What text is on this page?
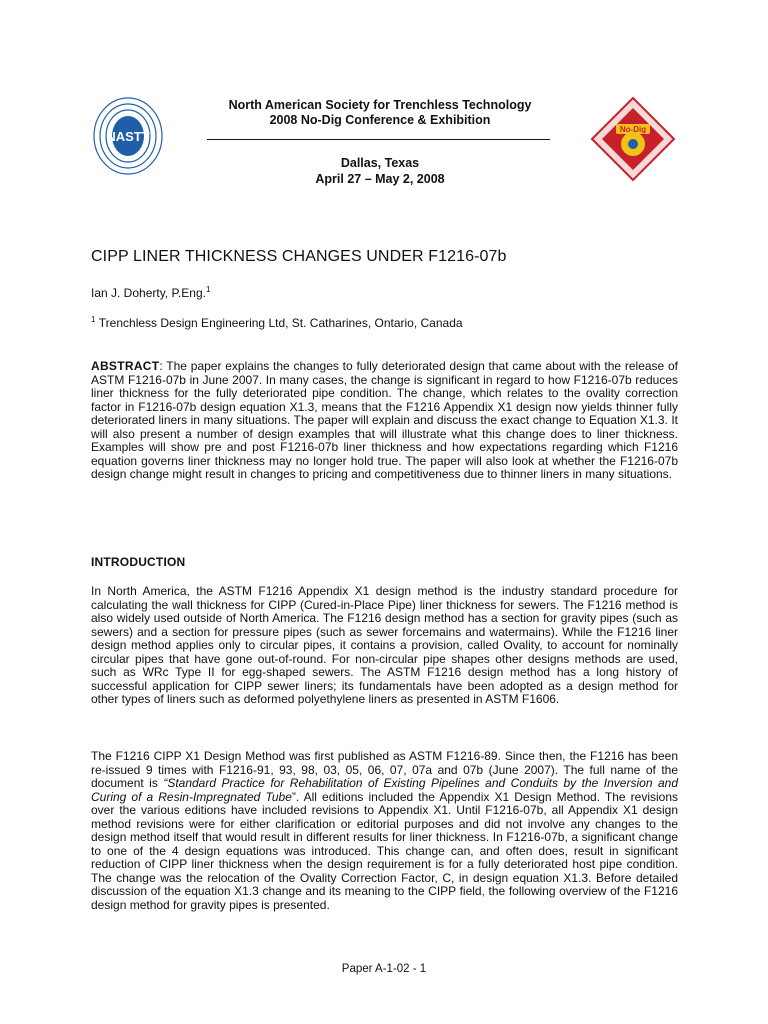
NASTT	No-Dig
North American Society for Trenchless Technology
2008 No-Dig Conference & Exhibition
Dallas, Texas
April 27 – May 2, 2008
CIPP LINER THICKNESS CHANGES UNDER F1216-07b
Ian J. Doherty, P.Eng.$^1$
$^1$ Trenchless Design Engineering Ltd, St. Catharines, Ontario, Canada

ABSTRACT: The paper explains the changes to fully deteriorated design that came about with the release of ASTM F1216-07b in June 2007. In many cases, the change is significant in regard to how F1216-07b reduces liner thickness for the fully deteriorated pipe condition. The change, which relates to the ovality correction factor in F1216-07b design equation X1.3, means that the F1216 Appendix X1 design now yields thinner fully deteriorated liners in many situations. The paper will explain and discuss the exact change to Equation X1.3. It will also present a number of design examples that will illustrate what this change does to liner thickness. Examples will show pre and post F1216-07b liner thickness and how expectations regarding which F1216 equation governs liner thickness may no longer hold true. The paper will also look at whether the F1216-07b design change might result in changes to pricing and competitiveness due to thinner liners in many situations.

INTRODUCTION

In North America, the ASTM F1216 Appendix X1 design method is the industry standard procedure for calculating the wall thickness for CIPP (Cured-in-Place Pipe) liner thickness for sewers. The F1216 method is also widely used outside of North America. The F1216 design method has a section for gravity pipes (such as sewers) and a section for pressure pipes (such as sewer forcemains and watermains). While the F1216 liner design method applies only to circular pipes, it contains a provision, called Ovality, to account for nominally circular pipes that have gone out-of-round. For non-circular pipe shapes other designs methods are used, such as WRc Type II for egg-shaped sewers. The ASTM F1216 design method has a long history of successful application for CIPP sewer liners; its fundamentals have been adopted as a design method for other types of liners such as deformed polyethylene liners as presented in ASTM F1606.

The F1216 CIPP X1 Design Method was first published as ASTM F1216-89. Since then, the F1216 has been re-issued 9 times with F1216-91, 93, 98, 03, 05, 06, 07, 07a and 07b (June 2007). The full name of the document is “Standard Practice for Rehabilitation of Existing Pipelines and Conduits by the Inversion and Curing of a Resin-Impregnated Tube”. All editions included the Appendix X1 Design Method. The revisions over the various editions have included revisions to Appendix X1. Until F1216-07b, all Appendix X1 design method revisions were for either clarification or editorial purposes and did not involve any changes to the design method itself that would result in different results for liner thickness. In F1216-07b, a significant change to one of the 4 design equations was introduced. This change can, and often does, result in significant reduction of CIPP liner thickness when the design requirement is for a fully deteriorated host pipe condition. The change was the relocation of the Ovality Correction Factor, C, in design equation X1.3. Before detailed discussion of the equation X1.3 change and its meaning to the CIPP field, the following overview of the F1216 design method for gravity pipes is presented.

Paper A-1-02 - 1
